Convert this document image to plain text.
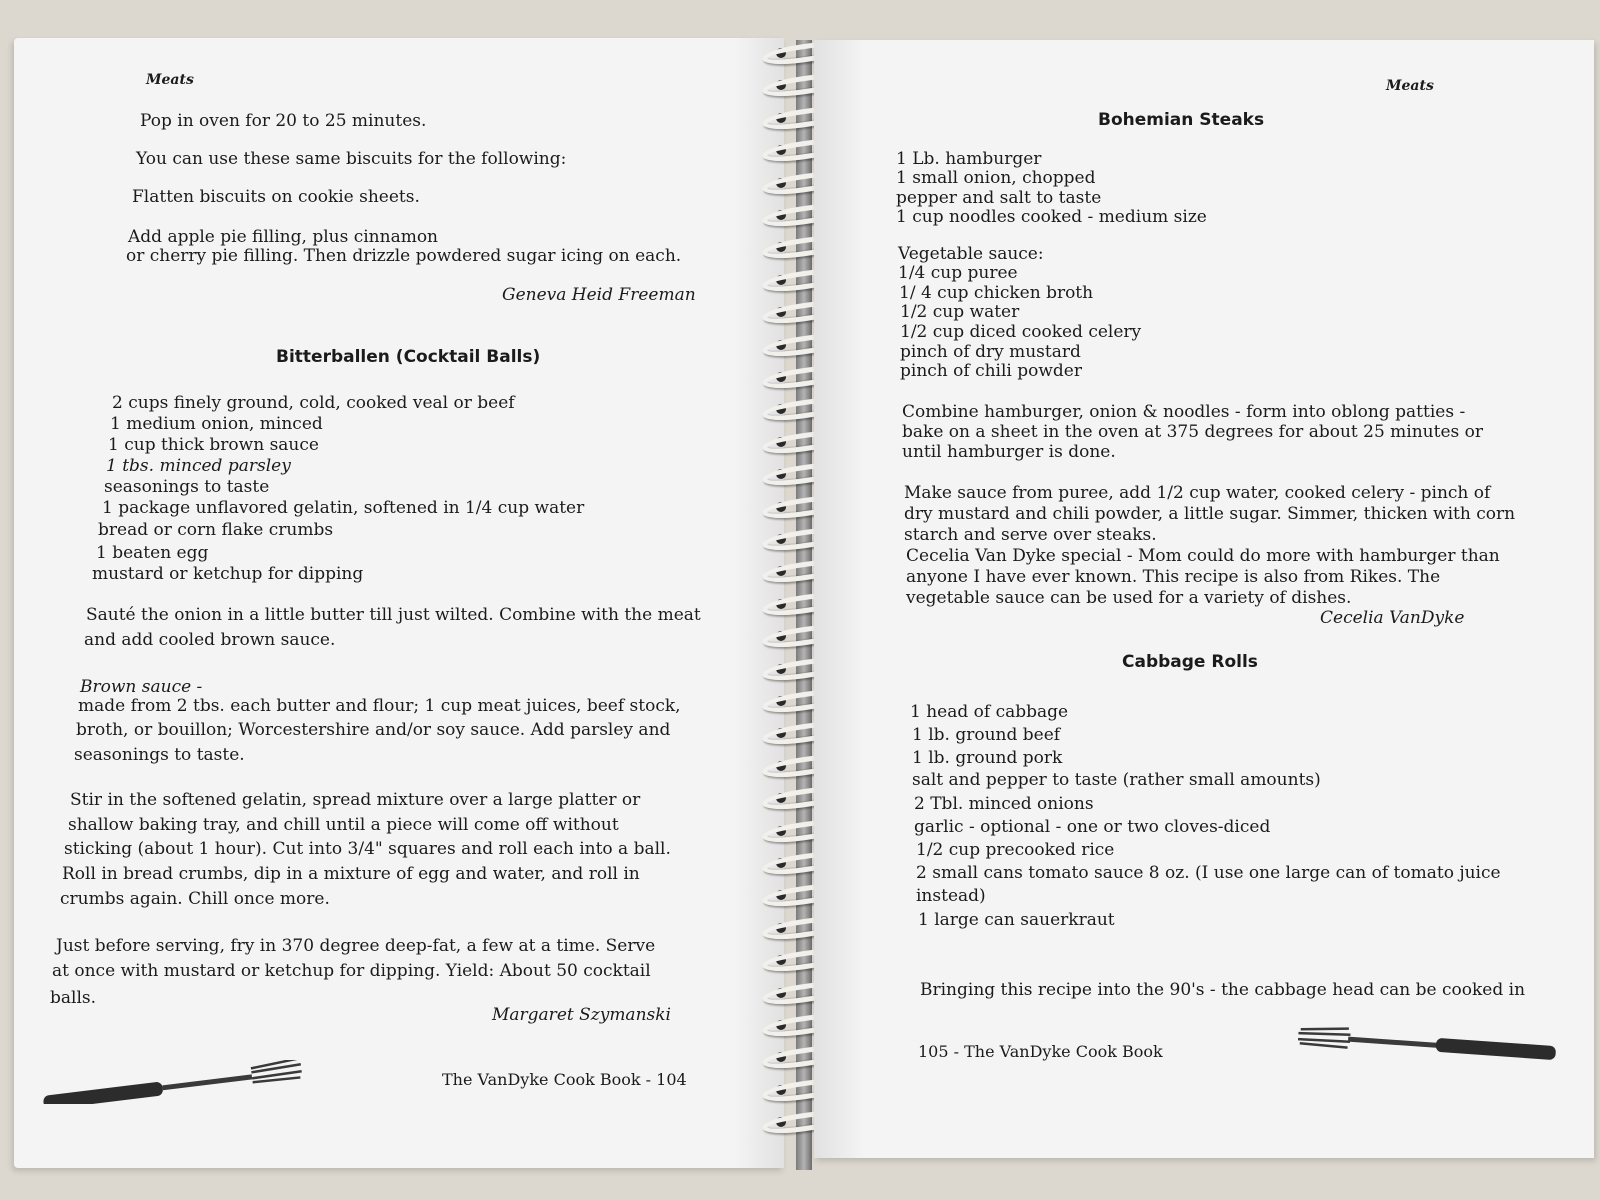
Meats
Pop in oven for 20 to 25 minutes.
You can use these same biscuits for the following:
Flatten biscuits on cookie sheets.
Add apple pie filling, plus cinnamon
or cherry pie filling. Then drizzle powdered sugar icing on each.
Geneva Heid Freeman
Bitterballen (Cocktail Balls)
2 cups finely ground, cold, cooked veal or beef
1 medium onion, minced
1 cup thick brown sauce
1 tbs. minced parsley
seasonings to taste
1 package unflavored gelatin, softened in 1/4 cup water
bread or corn flake crumbs
1 beaten egg
mustard or ketchup for dipping
Sauté the onion in a little butter till just wilted. Combine with the meat
and add cooled brown sauce.
Brown sauce -
made from 2 tbs. each butter and flour; 1 cup meat juices, beef stock,
broth, or bouillon; Worcestershire and/or soy sauce. Add parsley and
seasonings to taste.
Stir in the softened gelatin, spread mixture over a large platter or
shallow baking tray, and chill until a piece will come off without
sticking (about 1 hour). Cut into 3/4" squares and roll each into a ball.
Roll in bread crumbs, dip in a mixture of egg and water, and roll in
crumbs again. Chill once more.
Just before serving, fry in 370 degree deep-fat, a few at a time. Serve
at once with mustard or ketchup for dipping. Yield: About 50 cocktail
balls.
Margaret Szymanski
The VanDyke Cook Book - 104
Meats
Bohemian Steaks
1 Lb. hamburger
1 small onion, chopped
pepper and salt to taste
1 cup noodles cooked - medium size
Vegetable sauce:
1/4 cup puree
1/ 4 cup chicken broth
1/2 cup water
1/2 cup diced cooked celery
pinch of dry mustard
pinch of chili powder
Combine hamburger, onion & noodles - form into oblong patties -
bake on a sheet in the oven at 375 degrees for about 25 minutes or
until hamburger is done.
Make sauce from puree, add 1/2 cup water, cooked celery - pinch of
dry mustard and chili powder, a little sugar. Simmer, thicken with corn
starch and serve over steaks.
Cecelia Van Dyke special - Mom could do more with hamburger than
anyone I have ever known. This recipe is also from Rikes. The
vegetable sauce can be used for a variety of dishes.
Cecelia VanDyke
Cabbage Rolls
1 head of cabbage
1 lb. ground beef
1 lb. ground pork
salt and pepper to taste (rather small amounts)
2 Tbl. minced onions
garlic - optional - one or two cloves-diced
1/2 cup precooked rice
2 small cans tomato sauce 8 oz. (I use one large can of tomato juice
instead)
1 large can sauerkraut
Bringing this recipe into the 90's - the cabbage head can be cooked in
105 - The VanDyke Cook Book
